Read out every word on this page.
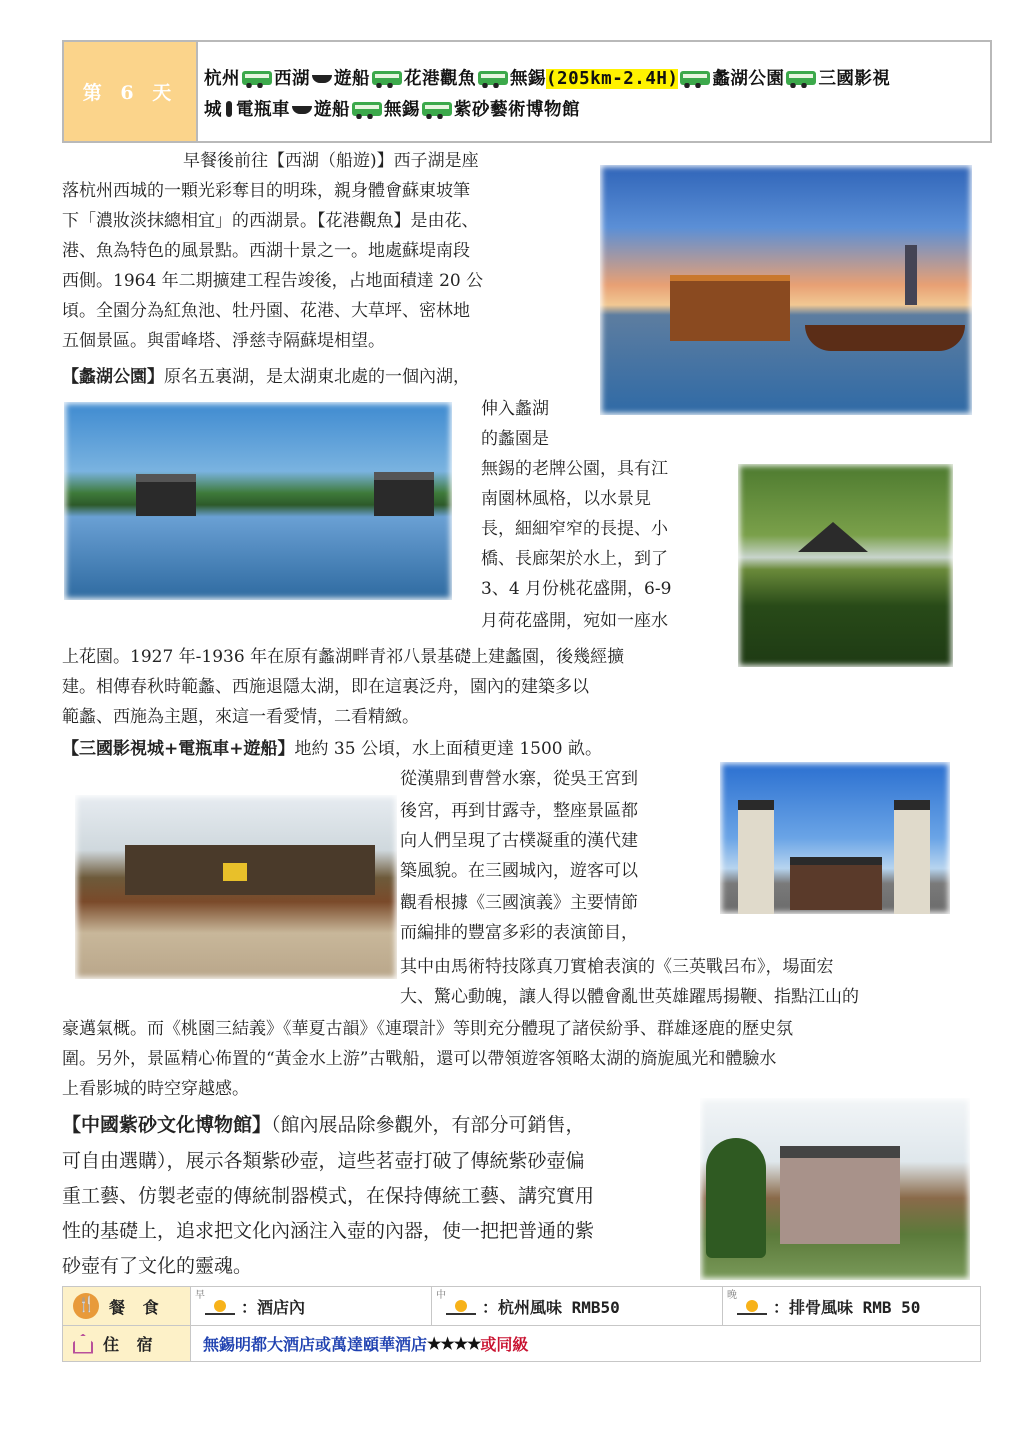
第 6 天
杭州 西湖 遊船 花港觀魚 無錫(205km-2.4H) 蠡湖公園 三國影視
城 電瓶車 遊船 無錫 紫砂藝術博物館
早餐後前往【西湖（船遊)】西子湖是座
落杭州西城的一顆光彩奪目的明珠，親身體會蘇東坡筆
下「濃妝淡抹總相宜」的西湖景。【花港觀魚】是由花、
港、魚為特色的風景點。西湖十景之一。地處蘇堤南段
西側。1964 年二期擴建工程告竣後，占地面積達 20 公
頃。全園分為紅魚池、牡丹園、花港、大草坪、密林地
五個景區。與雷峰塔、淨慈寺隔蘇堤相望。
【蠡湖公園】原名五裏湖，是太湖東北處的一個內湖，
伸入蠡湖
的蠡園是
無錫的老牌公園，具有江
南園林風格，以水景見
長，細細窄窄的長提、小
橋、長廊架於水上，到了
3、4 月份桃花盛開，6-9
月荷花盛開，宛如一座水
上花園。1927 年-1936 年在原有蠡湖畔青祁八景基礎上建蠡園，後幾經擴
建。相傳春秋時範蠡、西施退隱太湖，即在這裏泛舟，園內的建築多以
範蠡、西施為主題，來這一看愛情，二看精緻。
【三國影視城+電瓶車+遊船】地約 35 公頃，水上面積更達 1500 畝。
從漢鼎到曹營水寨，從吳王宮到
後宮，再到甘露寺，整座景區都
向人們呈現了古樸凝重的漢代建
築風貌。在三國城內，遊客可以
觀看根據《三國演義》主要情節
而編排的豐富多彩的表演節目，
其中由馬術特技隊真刀實槍表演的《三英戰呂布》，場面宏
大、驚心動魄，讓人得以體會亂世英雄躍馬揚鞭、指點江山的
豪邁氣概。而《桃園三結義》《華夏古韻》《連環計》等則充分體現了諸侯紛爭、群雄逐鹿的歷史氛
圍。另外，景區精心佈置的“黃金水上游”古戰船，還可以帶領遊客領略太湖的旖旎風光和體驗水
上看影城的時空穿越感。
【中國紫砂文化博物館】（館內展品除參觀外，有部分可銷售，
可自由選購），展示各類紫砂壺，這些茗壺打破了傳統紫砂壺偏
重工藝、仿製老壺的傳統制器模式，在保持傳統工藝、講究實用
性的基礎上，追求把文化內涵注入壺的內器，使一把把普通的紫
砂壺有了文化的靈魂。
🍴
餐 食
早
：酒店內
中
：杭州風味 RMB50
晚
：排骨風味 RMB 50
住 宿	無錫明都大酒店或萬達頤華酒店 ★★★★ 或同級
